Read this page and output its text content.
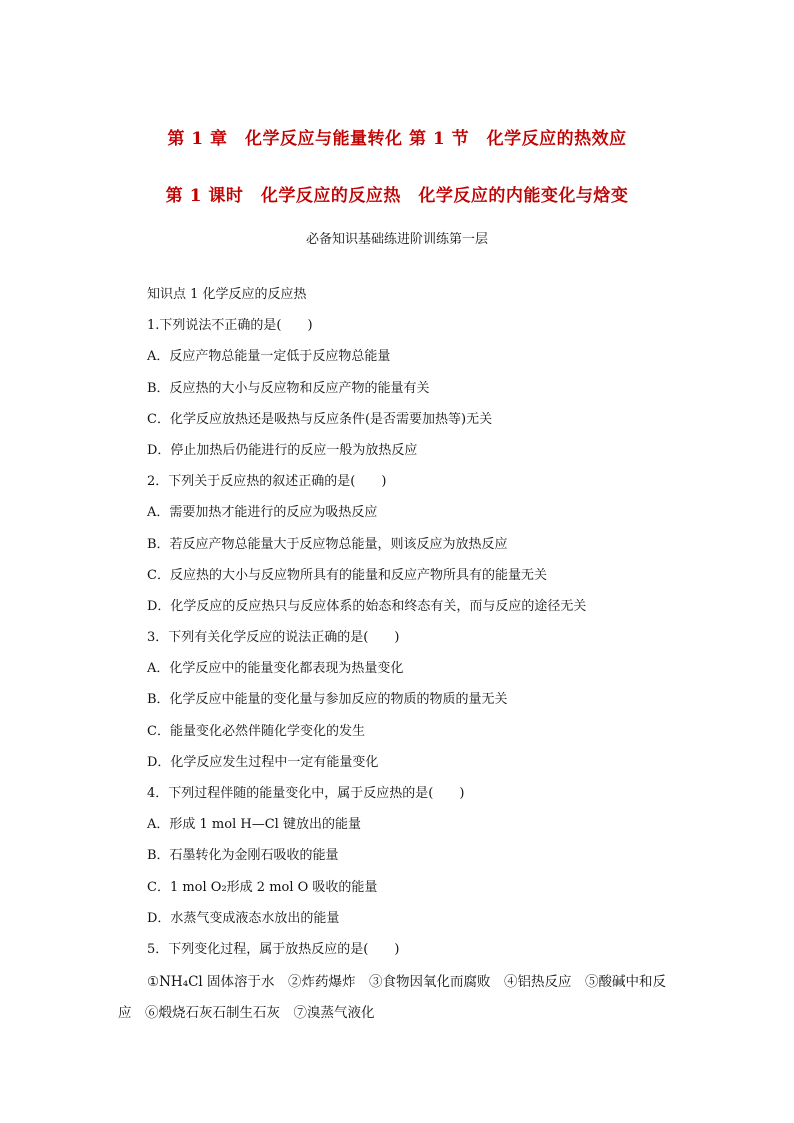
第 1 章　化学反应与能量转化 第 1 节　化学反应的热效应
第 1 课时　化学反应的反应热　化学反应的内能变化与焓变
必备知识基础练进阶训练第一层
知识点 1 化学反应的反应热
1.下列说法不正确的是(　　)
A．反应产物总能量一定低于反应物总能量
B．反应热的大小与反应物和反应产物的能量有关
C．化学反应放热还是吸热与反应条件(是否需要加热等)无关
D．停止加热后仍能进行的反应一般为放热反应
2．下列关于反应热的叙述正确的是(　　)
A．需要加热才能进行的反应为吸热反应
B．若反应产物总能量大于反应物总能量，则该反应为放热反应
C．反应热的大小与反应物所具有的能量和反应产物所具有的能量无关
D．化学反应的反应热只与反应体系的始态和终态有关，而与反应的途径无关
3．下列有关化学反应的说法正确的是(　　)
A．化学反应中的能量变化都表现为热量变化
B．化学反应中能量的变化量与参加反应的物质的物质的量无关
C．能量变化必然伴随化学变化的发生
D．化学反应发生过程中一定有能量变化
4．下列过程伴随的能量变化中，属于反应热的是(　　)
A．形成 1 mol H—Cl 键放出的能量
B．石墨转化为金刚石吸收的能量
C．1 mol O₂形成 2 mol O 吸收的能量
D．水蒸气变成液态水放出的能量
5．下列变化过程，属于放热反应的是(　　)
①NH₄Cl 固体溶于水　②炸药爆炸　③食物因氧化而腐败　④铝热反应　⑤酸碱中和反
应　⑥煅烧石灰石制生石灰　⑦溴蒸气液化
